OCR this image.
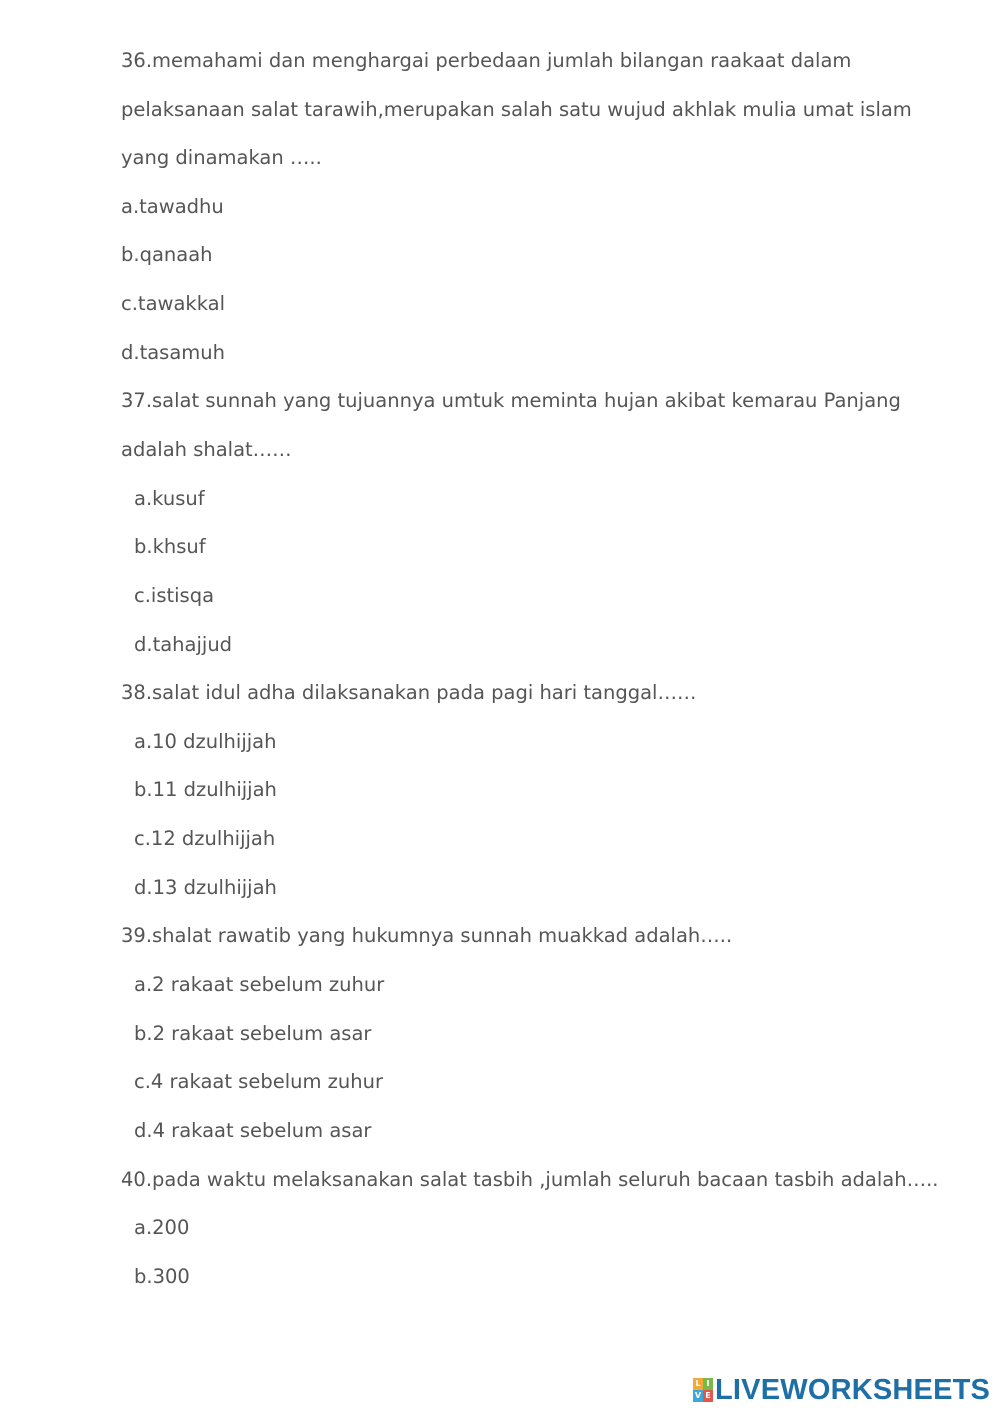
36.memahami dan menghargai perbedaan jumlah bilangan raakaat dalam
pelaksanaan salat tarawih,merupakan salah satu wujud akhlak mulia umat islam
yang dinamakan …..
a.tawadhu
b.qanaah
c.tawakkal
d.tasamuh
37.salat sunnah yang tujuannya umtuk meminta hujan akibat kemarau Panjang
adalah shalat……
a.kusuf
b.khsuf
c.istisqa
d.tahajjud
38.salat idul adha dilaksanakan pada pagi hari tanggal……
a.10 dzulhijjah
b.11 dzulhijjah
c.12 dzulhijjah
d.13 dzulhijjah
39.shalat rawatib yang hukumnya sunnah muakkad adalah…..
a.2 rakaat sebelum zuhur
b.2 rakaat sebelum asar
c.4 rakaat sebelum zuhur
d.4 rakaat sebelum asar
40.pada waktu melaksanakan salat tasbih ,jumlah seluruh bacaan tasbih adalah…..
a.200
b.300
L I
V E LIVEWORKSHEETS
